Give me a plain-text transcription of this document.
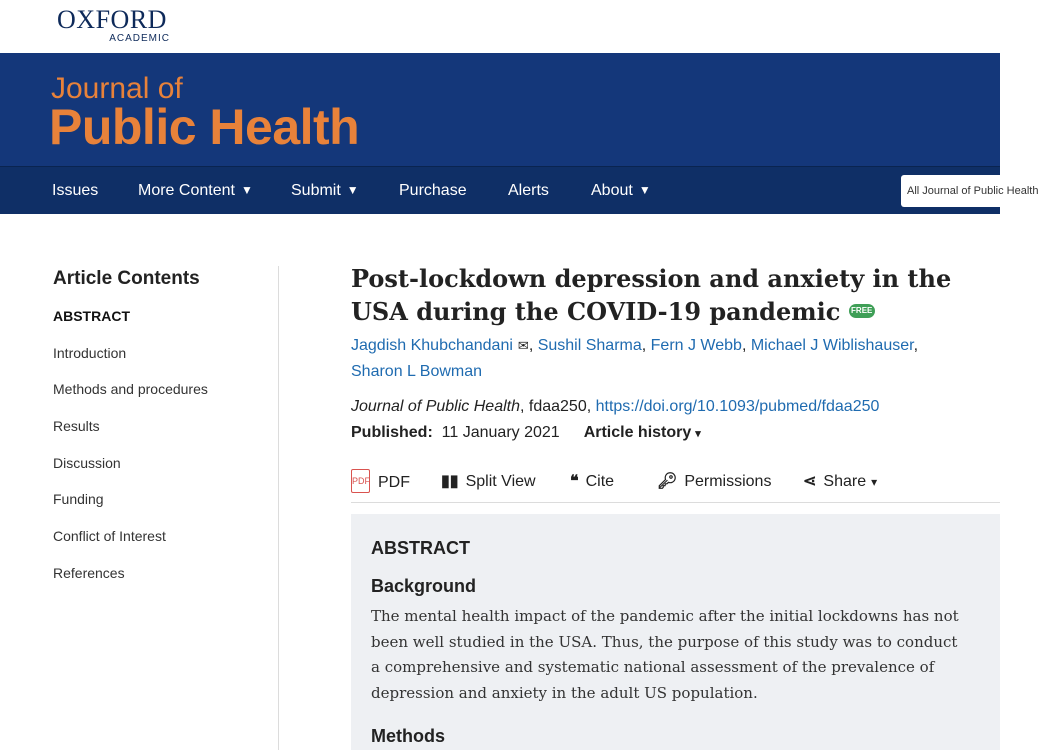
OXFORD
ACADEMIC
Journal of
Public Health
Issues More Content ▼ Submit ▼	Purchase	Alerts	About ▼	All Journal of Public Health
Article Contents
ABSTRACT
Introduction
Methods and procedures
Results
Discussion
Funding
Conflict of Interest
References
Post-lockdown depression and anxiety in the USA during the COVID-19 pandemic FREE
Jagdish Khubchandani ✉, Sushil Sharma, Fern J Webb, Michael J Wiblishauser,
Sharon L Bowman
Journal of Public Health, fdaa250, https://doi.org/10.1093/pubmed/fdaa250
Published: 11 January 2021 Article history ▾
PDF PDF ▮▮ Split View ❝ Cite	🔑︎ Permissions ⋖ Share ▾
ABSTRACT
Background

The mental health impact of the pandemic after the initial lockdowns has not been well studied in the USA. Thus, the purpose of this study was to conduct a comprehensive and systematic national assessment of the prevalence of depression and anxiety in the adult US population.

Methods
